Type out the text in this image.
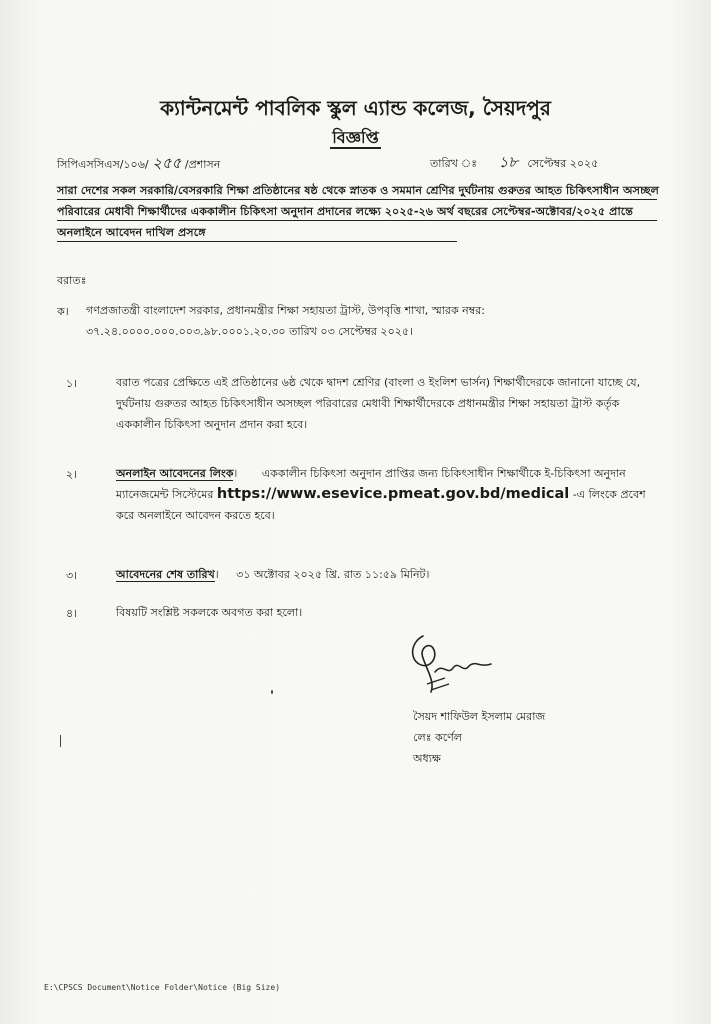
ক্যান্টনমেন্ট পাবলিক স্কুল এ্যান্ড কলেজ, সৈয়দপুর
বিজ্ঞপ্তি
সিপিএসসিএস/১০৬/ ২৫৫ /প্রশাসন	তারিখ ঃ ১৮ সেপ্টেম্বর ২০২৫
সারা দেশের সকল সরকারি/বেসরকারি শিক্ষা প্রতিষ্ঠানের ষষ্ঠ থেকে স্নাতক ও সমমান শ্রেণির দুর্ঘটনায় গুরুতর আহত চিকিৎসাধীন অসচ্ছল পরিবারের মেধাবী শিক্ষার্থীদের এককালীন চিকিৎসা অনুদান প্রদানের লক্ষ্যে ২০২৫-২৬ অর্থ বছরের সেপ্টেম্বর-অক্টোবর/২০২৫ প্রান্তে অনলাইনে আবেদন দাখিল প্রসঙ্গে
বরাতঃ
ক। গণপ্রজাতন্ত্রী বাংলাদেশ সরকার, প্রধানমন্ত্রীর শিক্ষা সহায়তা ট্রাস্ট, উপবৃত্তি শাখা, স্মারক নম্বর: ৩৭.২৪.০০০০.০০০.০০৩.৯৮.০০০১.২০.৩০ তারিখ ০৩ সেপ্টেম্বর ২০২৫।
১।	বরাত পত্রের প্রেক্ষিতে এই প্রতিষ্ঠানের ৬ষ্ঠ থেকে দ্বাদশ শ্রেণির (বাংলা ও ইংলিশ ভার্সন) শিক্ষার্থীদেরকে জানানো যাচ্ছে যে, দুর্ঘটনায় গুরুতর আহত চিকিৎসাধীন অসচ্ছল পরিবারের মেধাবী শিক্ষার্থীদেরকে প্রধানমন্ত্রীর শিক্ষা সহায়তা ট্রাস্ট কর্তৃক এককালীন চিকিৎসা অনুদান প্রদান করা হবে।
২।	অনলাইন আবেদনের লিংক। এককালীন চিকিৎসা অনুদান প্রাপ্তির জন্য চিকিৎসাধীন শিক্ষার্থীকে ই-চিকিৎসা অনুদান ম্যানেজমেন্ট সিস্টেমের https://www.esevice.pmeat.gov.bd/medical -এ লিংকে প্রবেশ করে অনলাইনে আবেদন করতে হবে।
৩।	আবেদনের শেষ তারিখ। ৩১ অক্টোবর ২০২৫ খ্রি. রাত ১১:৫৯ মিনিট।
৪।	বিষয়টি সংশ্লিষ্ট সকলকে অবগত করা হলো।
সৈয়দ শাফিউল ইসলাম মেরাজ
লেঃ কর্ণেল
অধ্যক্ষ
E:\CPSCS Document\Notice Folder\Notice (Big Size)
